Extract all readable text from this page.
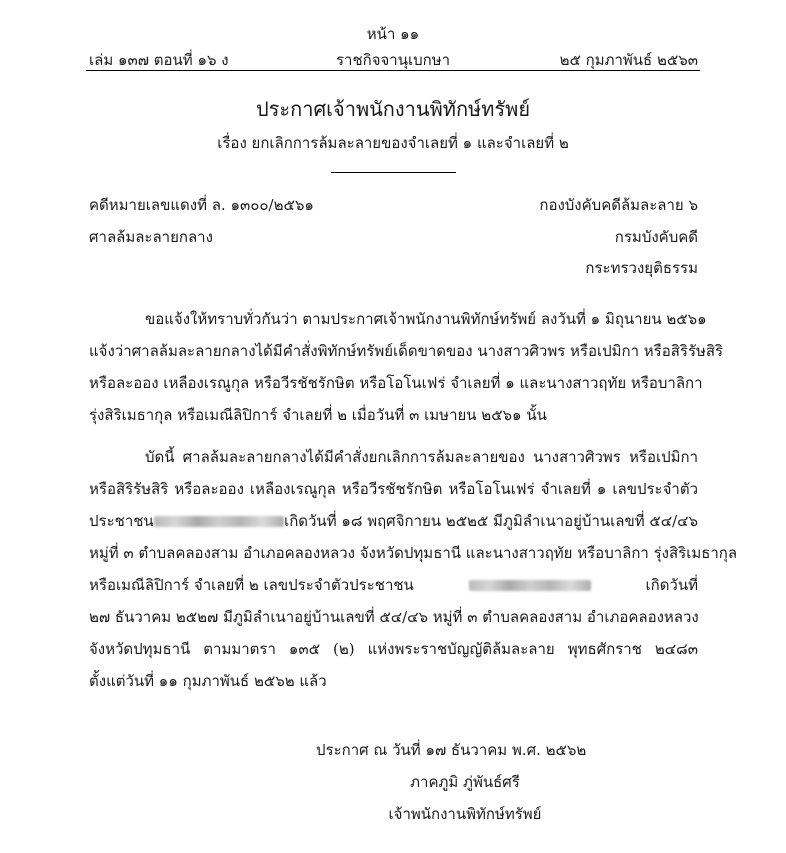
หน้า ๑๑
เล่ม ๑๓๗ ตอนที่ ๑๖ ง	ราชกิจจานุเบกษา	๒๕ กุมภาพันธ์ ๒๕๖๓
ประกาศเจ้าพนักงานพิทักษ์ทรัพย์
เรื่อง ยกเลิกการล้มละลายของจำเลยที่ ๑ และจำเลยที่ ๒
คดีหมายเลขแดงที่ ล. ๑๓๐๐/๒๕๖๑
ศาลล้มละลายกลาง
กองบังคับคดีล้มละลาย ๖
กรมบังคับคดี
กระทรวงยุติธรรม
ขอแจ้งให้ทราบทั่วกันว่า ตามประกาศเจ้าพนักงานพิทักษ์ทรัพย์ ลงวันที่ ๑ มิถุนายน ๒๕๖๑
แจ้งว่าศาลล้มละลายกลางได้มีคำสั่งพิทักษ์ทรัพย์เด็ดขาดของ นางสาวศิวพร หรือเปมิกา หรือสิริรัษสิริ
หรือละออง เหลืองเรณูกุล หรือวีรชัชรักษิต หรือโอโนเฟร่ จำเลยที่ ๑ และนางสาวฤทัย หรือบาลิกา
รุ่งสิริเมธากุล หรือเมณีลิปิการ์ จำเลยที่ ๒ เมื่อวันที่ ๓ เมษายน ๒๕๖๑ นั้น
บัดนี้ ศาลล้มละลายกลางได้มีคำสั่งยกเลิกการล้มละลายของ นางสาวศิวพร หรือเปมิกา
หรือสิริรัษสิริ หรือละออง เหลืองเรณูกุล หรือวีรชัชรักษิต หรือโอโนเฟร่ จำเลยที่ ๑ เลขประจำตัว
ประชาชน	เกิดวันที่ ๑๘ พฤศจิกายน ๒๕๒๕ มีภูมิลำเนาอยู่บ้านเลขที่ ๕๔/๔๖
หมู่ที่ ๓ ตำบลคลองสาม อำเภอคลองหลวง จังหวัดปทุมธานี และนางสาวฤทัย หรือบาลิกา รุ่งสิริเมธากุล
หรือเมณีลิปิการ์ จำเลยที่ ๒ เลขประจำตัวประชาชน	เกิดวันที่
๒๗ ธันวาคม ๒๕๒๗ มีภูมิลำเนาอยู่บ้านเลขที่ ๕๔/๔๖ หมู่ที่ ๓ ตำบลคลองสาม อำเภอคลองหลวง
จังหวัดปทุมธานี ตามมาตรา ๑๓๕ (๒) แห่งพระราชบัญญัติล้มละลาย พุทธศักราช ๒๔๘๓
ตั้งแต่วันที่ ๑๑ กุมภาพันธ์ ๒๕๖๒ แล้ว
ประกาศ ณ วันที่ ๑๗ ธันวาคม พ.ศ. ๒๕๖๒
ภาคภูมิ ภู่พันธ์ศรี
เจ้าพนักงานพิทักษ์ทรัพย์
